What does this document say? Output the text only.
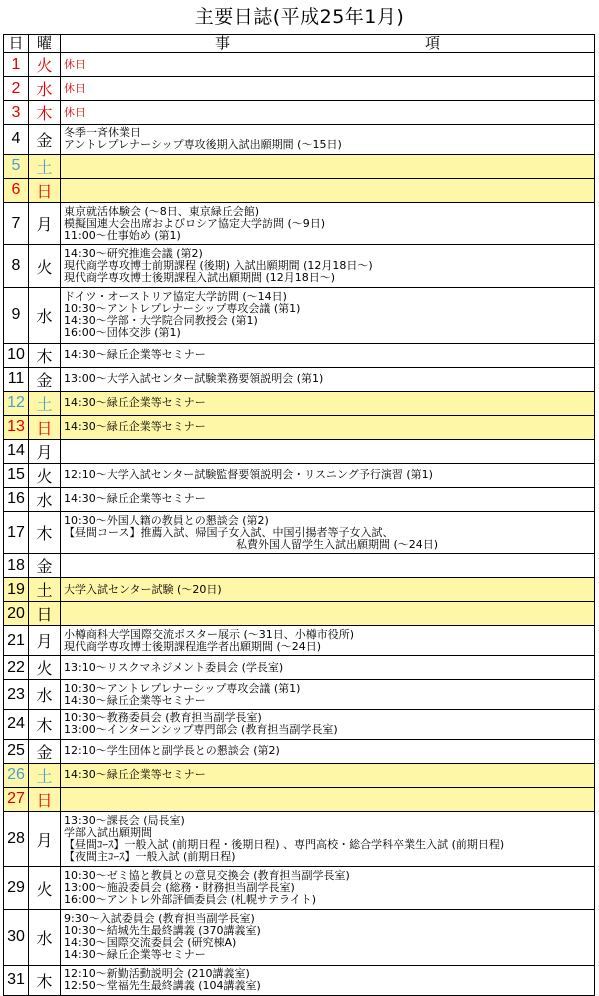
主要日誌(平成25年1月)
日	曜	事　　　　　　　　　　　　　項
1	火	休日

2	水	休日

3	木	休日

4	金	冬季一斉休業日
アントレプレナーシップ専攻後期入試出願期間 (～15日)

5	土	

6	日	

7	月	東京就活体験会 (～8日、東京緑丘会館)
模擬国連大会出席およびロシア協定大学訪問 (～9日)
11:00～仕事始め (第1)

8	火	14:30～研究推進会議 (第2)
現代商学専攻博士前期課程 (後期) 入試出願期間 (12月18日～)
現代商学専攻博士後期課程入試出願期間 (12月18日～)

9	水	ドイツ・オーストリア協定大学訪問 (～14日)
10:30～アントレプレナーシップ専攻会議 (第1)
14:30～学部・大学院合同教授会 (第1)
16:00～団体交渉 (第1)

10	木	14:30～緑丘企業等セミナー

11	金	13:00～大学入試センター試験業務要領説明会 (第1)

12	土	14:30～緑丘企業等セミナー

13	日	14:30～緑丘企業等セミナー

14	月	

15	火	12:10～大学入試センター試験監督要領説明会・リスニング予行演習 (第1)

16	水	14:30～緑丘企業等セミナー

17	木	10:30～外国人籍の教員との懇談会 (第2)
【昼間コース】推薦入試、帰国子女入試、中国引揚者等子女入試、
私費外国人留学生入試出願期間 (～24日)

18	金	

19	土	大学入試センター試験 (～20日)

20	日	

21	月	小樽商科大学国際交流ポスター展示 (～31日、小樽市役所)
現代商学専攻博士後期課程進学者出願期間 (～24日)

22	火	13:10～リスクマネジメント委員会 (学長室)

23	水	10:30～アントレプレナーシップ専攻会議 (第1)
14:30～緑丘企業等セミナー

24	木	10:30～教務委員会 (教育担当副学長室)
13:00～インターンシップ専門部会 (教育担当副学長室)

25	金	12:10～学生団体と副学長との懇談会 (第2)

26	土	14:30～緑丘企業等セミナー

27	日	

28	月	13:30～課長会 (局長室)
学部入試出願期間
【昼間ｺｰｽ】一般入試 (前期日程・後期日程) 、専門高校・総合学科卒業生入試 (前期日程)
【夜間主ｺｰｽ】一般入試 (前期日程)

29	火	10:30～ゼミ協と教員との意見交換会 (教育担当副学長室)
13:00～施設委員会 (総務・財務担当副学長室)
16:00～アントレ外部評価委員会 (札幌サテライト)

30	水	9:30～入試委員会 (教育担当副学長室)
10:30～結城先生最終講義 (370講義室)
14:30～国際交流委員会 (研究棟A)
14:30～緑丘企業等セミナー

31	木	12:10～新勤活動説明会 (210講義室)
12:50～堂福先生最終講義 (104講義室)
